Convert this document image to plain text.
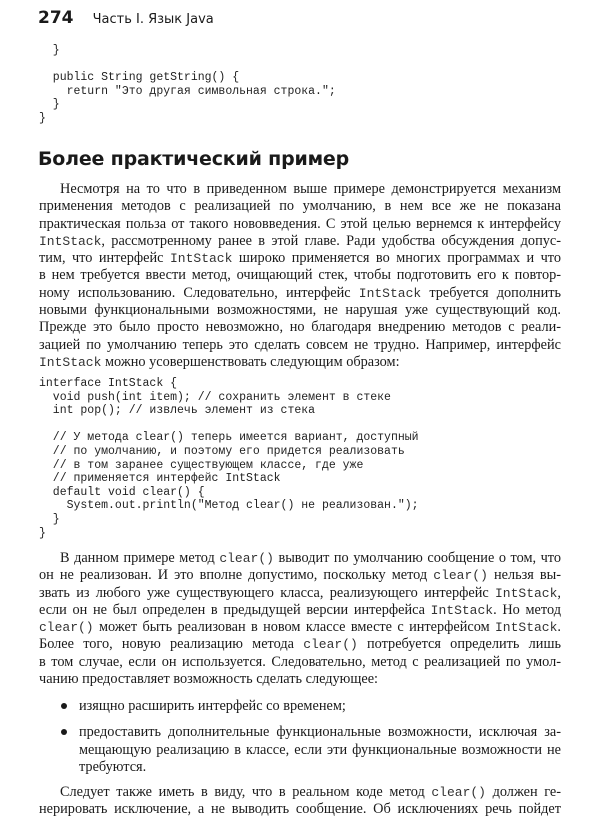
274 Часть I. Язык Java
}
public String getString() {
return "Это другая символьная строка.";
}
}
Более практический пример
Несмотря на то что в приведенном выше примере демонстрируется механизм
применения методов с реализацией по умолчанию, в нем все же не показана
практическая польза от такого нововведения. С этой целью вернемся к интерфейсу
IntStack, рассмотренному ранее в этой главе. Ради удобства обсуждения допус-
тим, что интерфейс IntStack широко применяется во многих программах и что
в нем требуется ввести метод, очищающий стек, чтобы подготовить его к повтор-
ному использованию. Следовательно, интерфейс IntStack требуется дополнить
новыми функциональными возможностями, не нарушая уже существующий код.
Прежде это было просто невозможно, но благодаря внедрению методов с реали-
зацией по умолчанию теперь это сделать совсем не трудно. Например, интерфейс
IntStack можно усовершенствовать следующим образом:
interface IntStack {
void push(int item); // сохранить элемент в стеке
int pop(); // извлечь элемент из стека
// У метода clear() теперь имеется вариант, доступный
// по умолчанию, и поэтому его придется реализовать
// в том заранее существующем классе, где уже
// применяется интерфейс IntStack
default void clear() {
System.out.println("Метод clear() не реализован.");
}
}
В данном примере метод clear() выводит по умолчанию сообщение о том, что
он не реализован. И это вполне допустимо, поскольку метод clear() нельзя вы-
звать из любого уже существующего класса, реализующего интерфейс IntStack,
если он не был определен в предыдущей версии интерфейса IntStack. Но метод
clear() может быть реализован в новом классе вместе с интерфейсом IntStack.
Более того, новую реализацию метода clear() потребуется определить лишь
в том случае, если он используется. Следовательно, метод с реализацией по умол-
чанию предоставляет возможность сделать следующее:
изящно расширить интерфейс со временем;
предоставить дополнительные функциональные возможности, исключая за-
мещающую реализацию в классе, если эти функциональные возможности не
требуются.
Следует также иметь в виду, что в реальном коде метод clear() должен ге-
нерировать исключение, а не выводить сообщение. Об исключениях речь пойдет
